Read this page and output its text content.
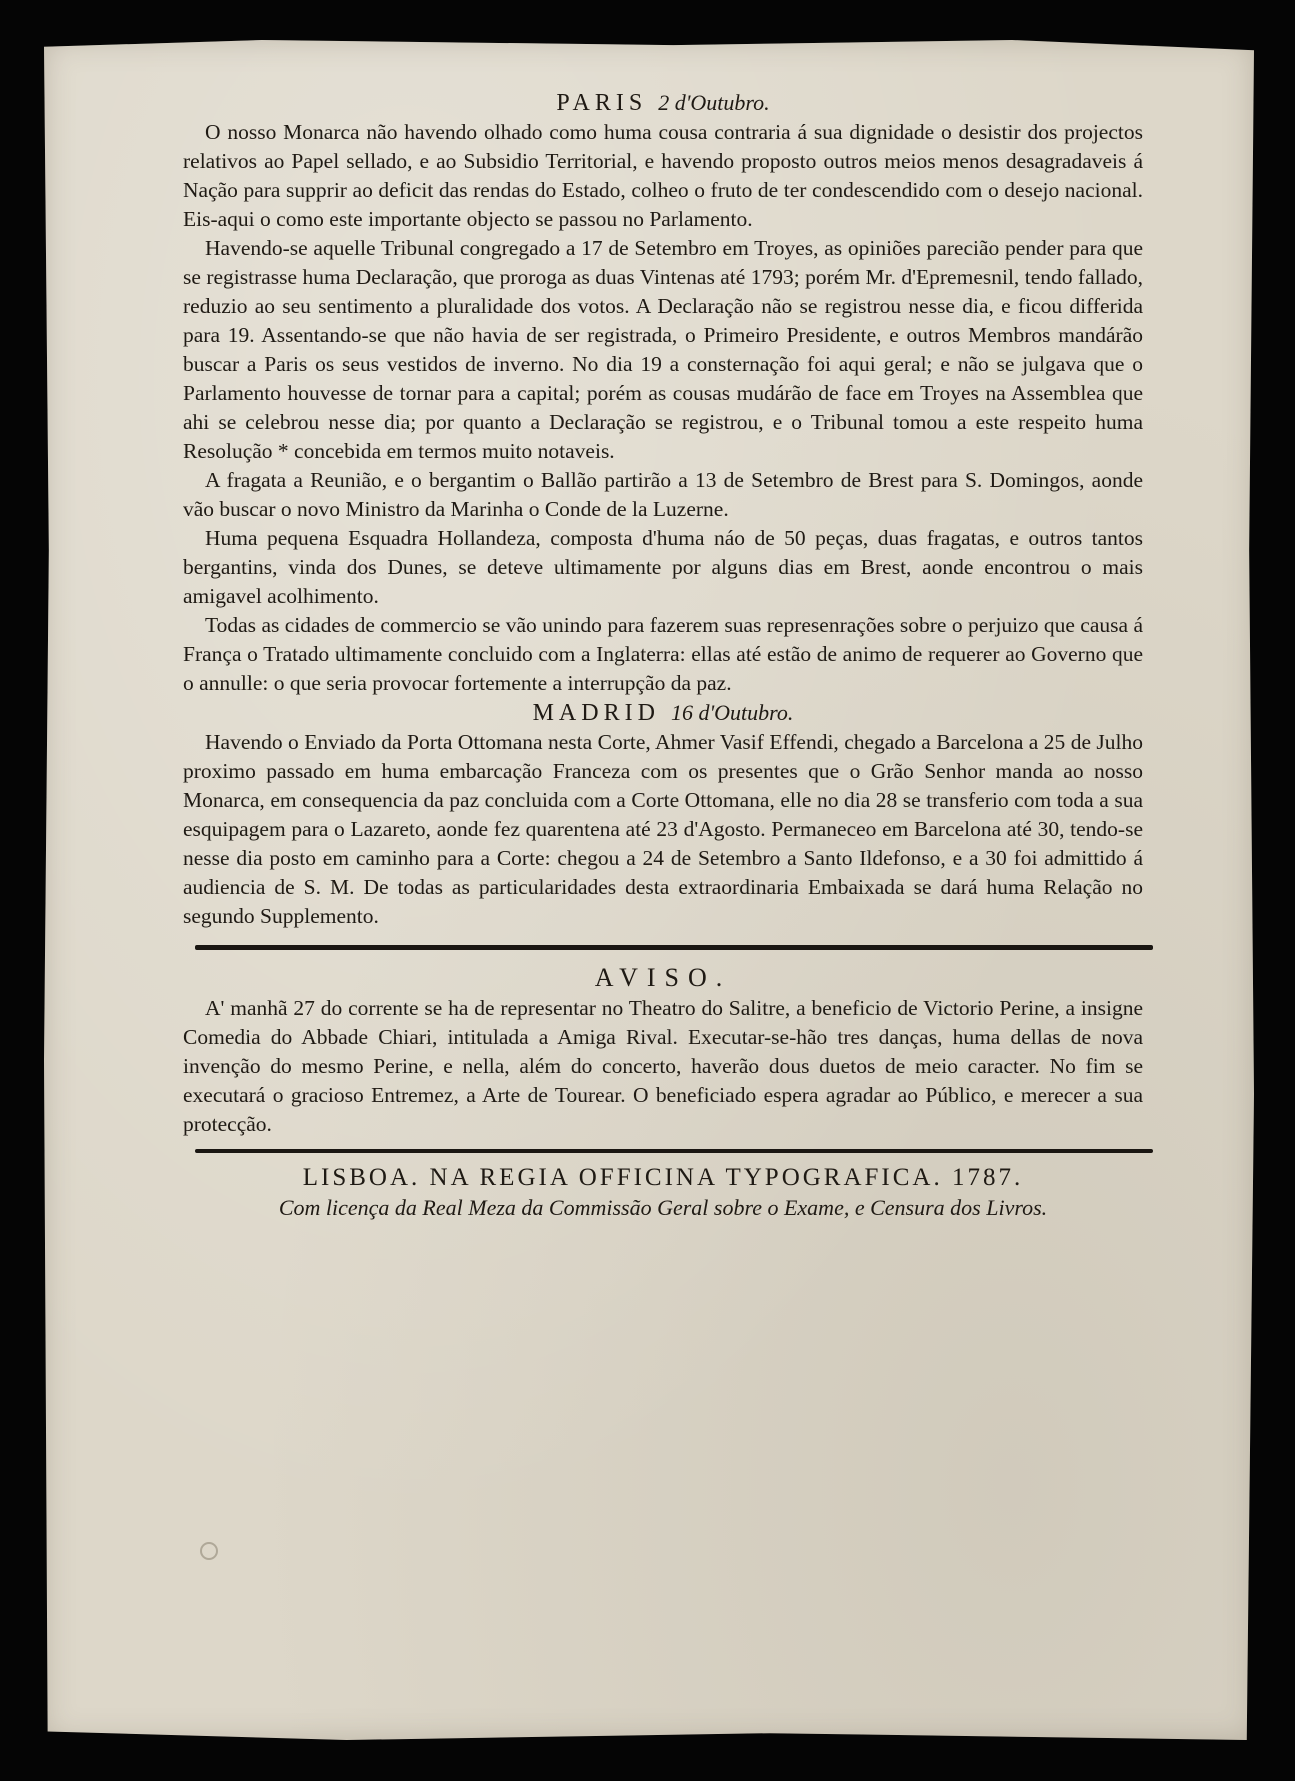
PARIS 2 d'Outubro.

O nosso Monarca não havendo olhado como huma cousa contraria á sua dignidade o desistir dos projectos relativos ao Papel sellado, e ao Subsidio Territorial, e havendo proposto outros meios menos desagradaveis á Nação para supprir ao deficit das rendas do Estado, colheo o fruto de ter condescendido com o desejo nacional. Eis-aqui o como este importante objecto se passou no Parlamento.

Havendo-se aquelle Tribunal congregado a 17 de Setembro em Troyes, as opiniões parecião pender para que se registrasse huma Declaração, que proroga as duas Vintenas até 1793; porém Mr. d'Epremesnil, tendo fallado, reduzio ao seu sentimento a pluralidade dos votos. A Declaração não se registrou nesse dia, e ficou differida para 19. Assentando-se que não havia de ser registrada, o Primeiro Presidente, e outros Membros mandárão buscar a Paris os seus vestidos de inverno. No dia 19 a consternação foi aqui geral; e não se julgava que o Parlamento houvesse de tornar para a capital; porém as cousas mudárão de face em Troyes na Assemblea que ahi se celebrou nesse dia; por quanto a Declaração se registrou, e o Tribunal tomou a este respeito huma Resolução * concebida em termos muito notaveis.

A fragata a Reunião, e o bergantim o Ballão partirão a 13 de Setembro de Brest para S. Domingos, aonde vão buscar o novo Ministro da Marinha o Conde de la Luzerne.

Huma pequena Esquadra Hollandeza, composta d'huma náo de 50 peças, duas fragatas, e outros tantos bergantins, vinda dos Dunes, se deteve ultimamente por alguns dias em Brest, aonde encontrou o mais amigavel acolhimento.

Todas as cidades de commercio se vão unindo para fazerem suas represenrações sobre o perjuizo que causa á França o Tratado ultimamente concluido com a Inglaterra: ellas até estão de animo de requerer ao Governo que o annulle: o que seria provocar fortemente a interrupção da paz.

MADRID 16 d'Outubro.

Havendo o Enviado da Porta Ottomana nesta Corte, Ahmer Vasif Effendi, chegado a Barcelona a 25 de Julho proximo passado em huma embarcação Franceza com os presentes que o Grão Senhor manda ao nosso Monarca, em consequencia da paz concluida com a Corte Ottomana, elle no dia 28 se transferio com toda a sua esquipagem para o Lazareto, aonde fez quarentena até 23 d'Agosto. Permaneceo em Barcelona até 30, tendo-se nesse dia posto em caminho para a Corte: chegou a 24 de Setembro a Santo Ildefonso, e a 30 foi admittido á audiencia de S. M. De todas as particularidades desta extraordinaria Embaixada se dará huma Relação no segundo Supplemento.

AVISO.

A' manhã 27 do corrente se ha de representar no Theatro do Salitre, a beneficio de Victorio Perine, a insigne Comedia do Abbade Chiari, intitulada a Amiga Rival. Executar-se-hão tres danças, huma dellas de nova invenção do mesmo Perine, e nella, além do concerto, haverão dous duetos de meio caracter. No fim se executará o gracioso Entremez, a Arte de Tourear. O beneficiado espera agradar ao Público, e merecer a sua protecção.

LISBOA. NA REGIA OFFICINA TYPOGRAFICA. 1787.
Com licença da Real Meza da Commissão Geral sobre o Exame, e Censura dos Livros.
